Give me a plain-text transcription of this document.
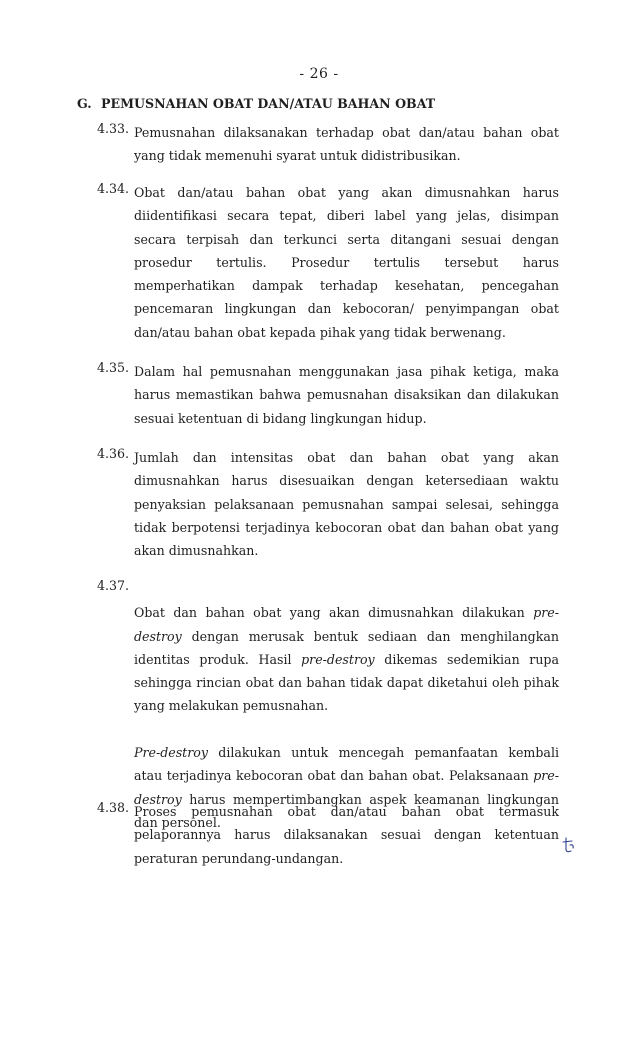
- 26 -
G. PEMUSNAHAN OBAT DAN/ATAU BAHAN OBAT
4.33. Pemusnahan dilaksanakan terhadap obat dan/atau bahan obat yang tidak memenuhi syarat untuk didistribusikan.
4.34. Obat dan/atau bahan obat yang akan dimusnahkan harus diidentifikasi secara tepat, diberi label yang jelas, disimpan secara terpisah dan terkunci serta ditangani sesuai dengan prosedur tertulis. Prosedur tertulis tersebut harus memperhatikan dampak terhadap kesehatan, pencegahan pencemaran lingkungan dan kebocoran/ penyimpangan obat dan/atau bahan obat kepada pihak yang tidak berwenang.
4.35. Dalam hal pemusnahan menggunakan jasa pihak ketiga, maka harus memastikan bahwa pemusnahan disaksikan dan dilakukan sesuai ketentuan di bidang lingkungan hidup.
4.36. Jumlah dan intensitas obat dan bahan obat yang akan dimusnahkan harus disesuaikan dengan ketersediaan waktu penyaksian pelaksanaan pemusnahan sampai selesai, sehingga tidak berpotensi terjadinya kebocoran obat dan bahan obat yang akan dimusnahkan.
4.37.

Obat dan bahan obat yang akan dimusnahkan dilakukan pre-destroy dengan merusak bentuk sediaan dan menghilangkan identitas produk. Hasil pre-destroy dikemas sedemikian rupa sehingga rincian obat dan bahan tidak dapat diketahui oleh pihak yang melakukan pemusnahan.

Pre-destroy dilakukan untuk mencegah pemanfaatan kembali atau terjadinya kebocoran obat dan bahan obat. Pelaksanaan pre-destroy harus mempertimbangkan aspek keamanan lingkungan dan personel.

4.38. Proses pemusnahan obat dan/atau bahan obat termasuk pelaporannya harus dilaksanakan sesuai dengan ketentuan peraturan perundang-undangan.
